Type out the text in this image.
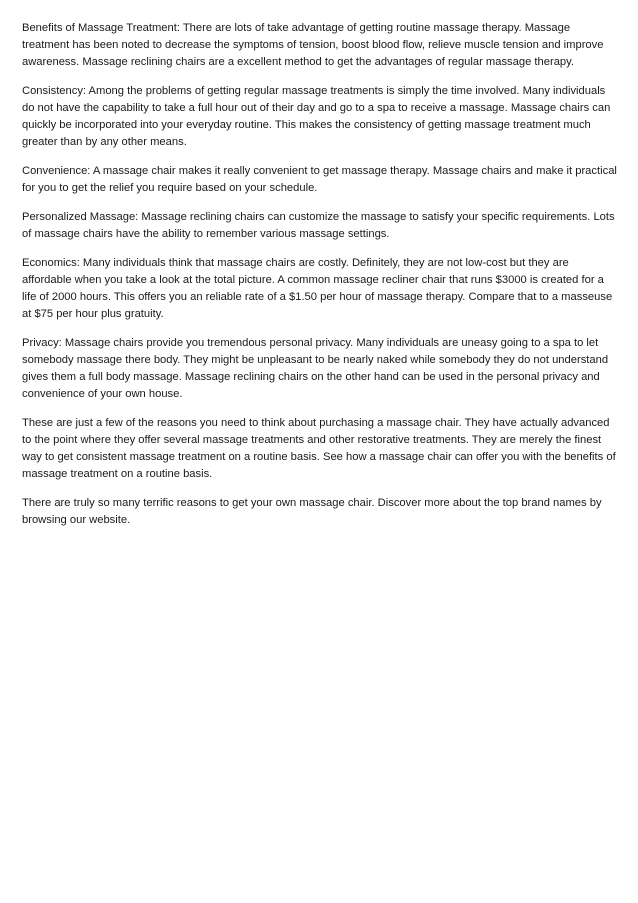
Benefits of Massage Treatment: There are lots of take advantage of getting routine massage therapy. Massage treatment has been noted to decrease the symptoms of tension, boost blood flow, relieve muscle tension and improve awareness. Massage reclining chairs are a excellent method to get the advantages of regular massage therapy.

Consistency: Among the problems of getting regular massage treatments is simply the time involved. Many individuals do not have the capability to take a full hour out of their day and go to a spa to receive a massage. Massage chairs can quickly be incorporated into your everyday routine. This makes the consistency of getting massage treatment much greater than by any other means.

Convenience: A massage chair makes it really convenient to get massage therapy. Massage chairs and make it practical for you to get the relief you require based on your schedule.

Personalized Massage: Massage reclining chairs can customize the massage to satisfy your specific requirements. Lots of massage chairs have the ability to remember various massage settings.

Economics: Many individuals think that massage chairs are costly. Definitely, they are not low-cost but they are affordable when you take a look at the total picture. A common massage recliner chair that runs $3000 is created for a life of 2000 hours. This offers you an reliable rate of a $1.50 per hour of massage therapy. Compare that to a masseuse at $75 per hour plus gratuity.

Privacy: Massage chairs provide you tremendous personal privacy. Many individuals are uneasy going to a spa to let somebody massage there body. They might be unpleasant to be nearly naked while somebody they do not understand gives them a full body massage. Massage reclining chairs on the other hand can be used in the personal privacy and convenience of your own house.

These are just a few of the reasons you need to think about purchasing a massage chair. They have actually advanced to the point where they offer several massage treatments and other restorative treatments. They are merely the finest way to get consistent massage treatment on a routine basis. See how a massage chair can offer you with the benefits of massage treatment on a routine basis.

There are truly so many terrific reasons to get your own massage chair. Discover more about the top brand names by browsing our website.
